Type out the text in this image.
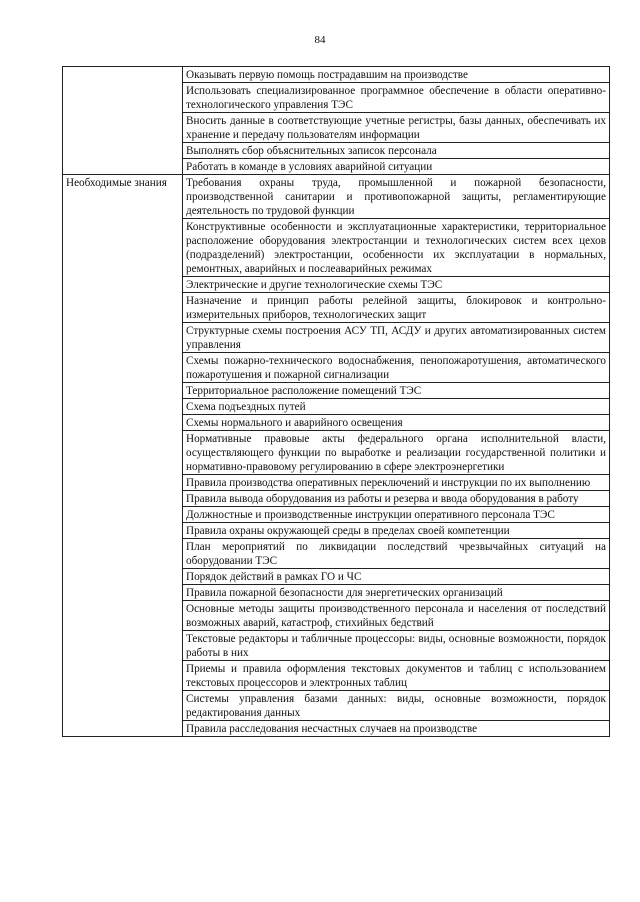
84
	Оказывать первую помощь пострадавшим на производстве
	Использовать специализированное программное обеспечение в области оперативно-технологического управления ТЭС
	Вносить данные в соответствующие учетные регистры, базы данных, обеспечивать их хранение и передачу пользователям информации
	Выполнять сбор объяснительных записок персонала
	Работать в команде в условиях аварийной ситуации
Необходимые знания	Требования охраны труда, промышленной и пожарной безопасности, производственной санитарии и противопожарной защиты, регламентирующие деятельность по трудовой функции
	Конструктивные особенности и эксплуатационные характеристики, территориальное расположение оборудования электростанции и технологических систем всех цехов (подразделений) электростанции, особенности их эксплуатации в нормальных, ремонтных, аварийных и послеаварийных режимах
	Электрические и другие технологические схемы ТЭС
	Назначение и принцип работы релейной защиты, блокировок и контрольно-измерительных приборов, технологических защит
	Структурные схемы построения АСУ ТП, АСДУ и других автоматизированных систем управления
	Схемы пожарно-технического водоснабжения, пенопожаротушения, автоматического пожаротушения и пожарной сигнализации
	Территориальное расположение помещений ТЭС
	Схема подъездных путей
	Схемы нормального и аварийного освещения
	Нормативные правовые акты федерального органа исполнительной власти, осуществляющего функции по выработке и реализации государственной политики и нормативно-правовому регулированию в сфере электроэнергетики
	Правила производства оперативных переключений и инструкции по их выполнению
	Правила вывода оборудования из работы и резерва и ввода оборудования в работу
	Должностные и производственные инструкции оперативного персонала ТЭС
	Правила охраны окружающей среды в пределах своей компетенции
	План мероприятий по ликвидации последствий чрезвычайных ситуаций на оборудовании ТЭС
	Порядок действий в рамках ГО и ЧС
	Правила пожарной безопасности для энергетических организаций
	Основные методы защиты производственного персонала и населения от последствий возможных аварий, катастроф, стихийных бедствий
	Текстовые редакторы и табличные процессоры: виды, основные возможности, порядок работы в них
	Приемы и правила оформления текстовых документов и таблиц с использованием текстовых процессоров и электронных таблиц
	Системы управления базами данных: виды, основные возможности, порядок редактирования данных
	Правила расследования несчастных случаев на производстве
